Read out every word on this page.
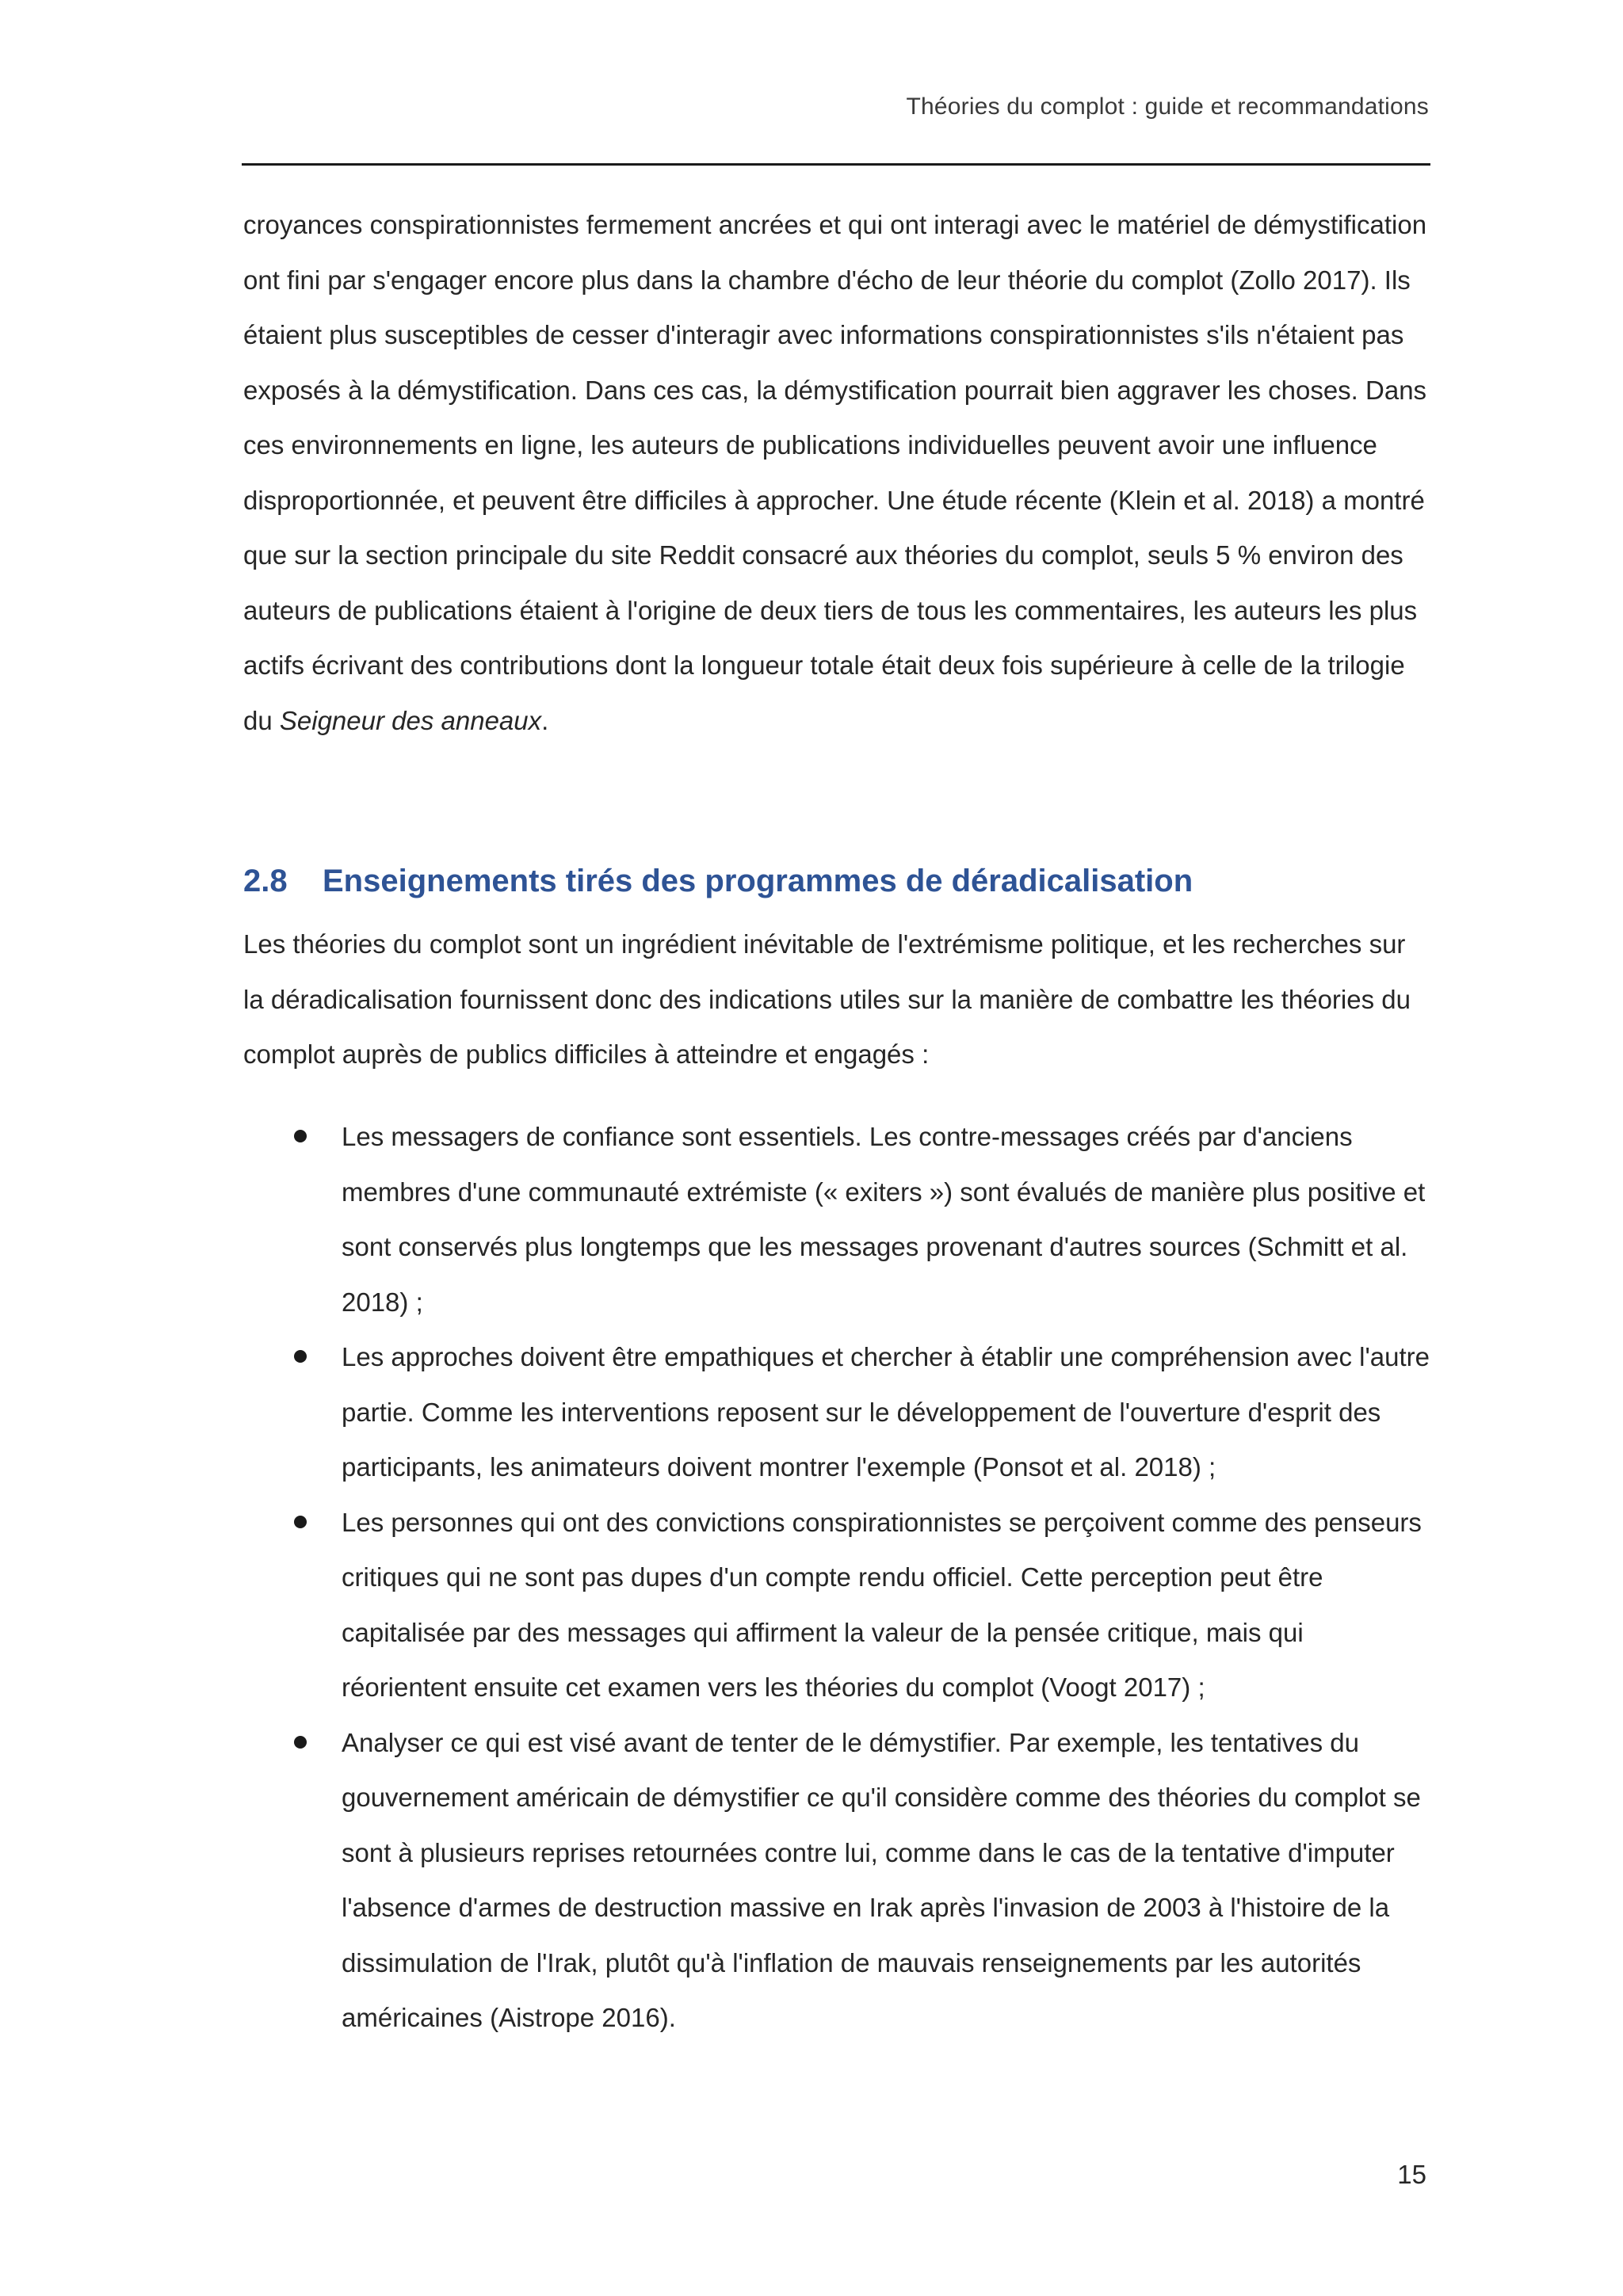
Théories du complot : guide et recommandations

croyances conspirationnistes fermement ancrées et qui ont interagi avec le matériel de démystification ont fini par s'engager encore plus dans la chambre d'écho de leur théorie du complot (Zollo 2017). Ils étaient plus susceptibles de cesser d'interagir avec informations conspirationnistes s'ils n'étaient pas exposés à la démystification. Dans ces cas, la démystification pourrait bien aggraver les choses. Dans ces environnements en ligne, les auteurs de publications individuelles peuvent avoir une influence disproportionnée, et peuvent être difficiles à approcher. Une étude récente (Klein et al. 2018) a montré que sur la section principale du site Reddit consacré aux théories du complot, seuls 5 % environ des auteurs de publications étaient à l'origine de deux tiers de tous les commentaires, les auteurs les plus actifs écrivant des contributions dont la longueur totale était deux fois supérieure à celle de la trilogie du Seigneur des anneaux.

2.8	Enseignements tirés des programmes de déradicalisation

Les théories du complot sont un ingrédient inévitable de l'extrémisme politique, et les recherches sur la déradicalisation fournissent donc des indications utiles sur la manière de combattre les théories du complot auprès de publics difficiles à atteindre et engagés :

Les messagers de confiance sont essentiels. Les contre-messages créés par d'anciens membres d'une communauté extrémiste (« exiters ») sont évalués de manière plus positive et sont conservés plus longtemps que les messages provenant d'autres sources (Schmitt et al. 2018) ;
Les approches doivent être empathiques et chercher à établir une compréhension avec l'autre partie. Comme les interventions reposent sur le développement de l'ouverture d'esprit des participants, les animateurs doivent montrer l'exemple (Ponsot et al. 2018) ;
Les personnes qui ont des convictions conspirationnistes se perçoivent comme des penseurs critiques qui ne sont pas dupes d'un compte rendu officiel. Cette perception peut être capitalisée par des messages qui affirment la valeur de la pensée critique, mais qui réorientent ensuite cet examen vers les théories du complot (Voogt 2017) ;
Analyser ce qui est visé avant de tenter de le démystifier. Par exemple, les tentatives du gouvernement américain de démystifier ce qu'il considère comme des théories du complot se sont à plusieurs reprises retournées contre lui, comme dans le cas de la tentative d'imputer l'absence d'armes de destruction massive en Irak après l'invasion de 2003 à l'histoire de la dissimulation de l'Irak, plutôt qu'à l'inflation de mauvais renseignements par les autorités américaines (Aistrope 2016).
15
